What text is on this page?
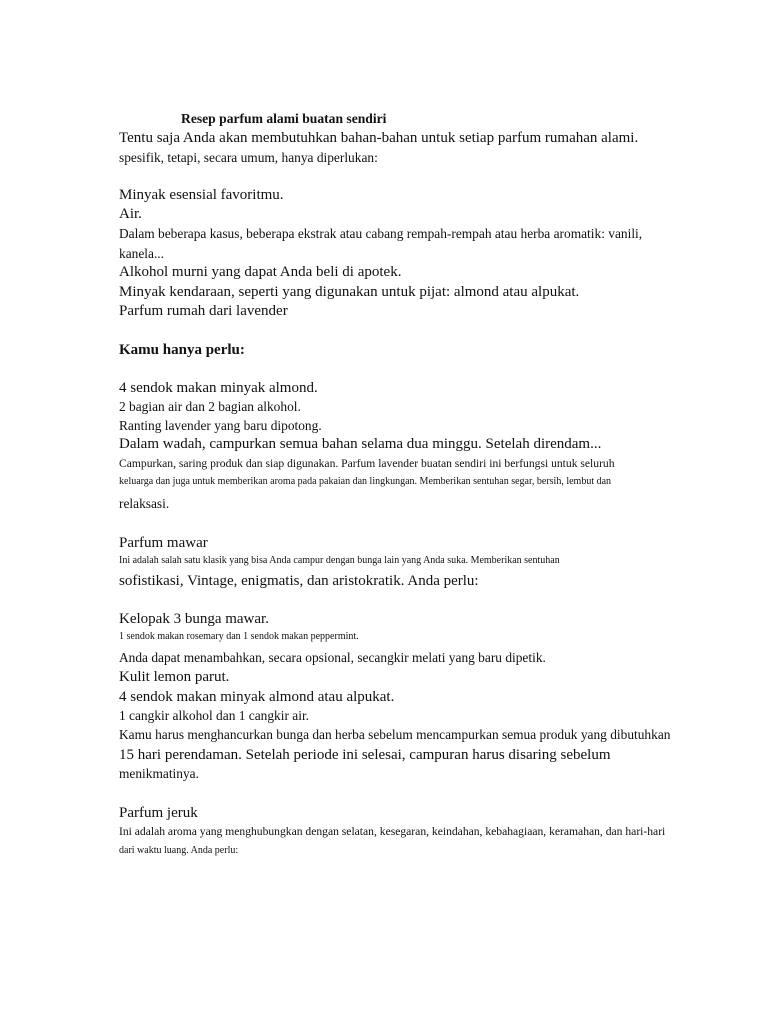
Resep parfum alami buatan sendiri
Tentu saja Anda akan membutuhkan bahan-bahan untuk setiap parfum rumahan alami.
spesifik, tetapi, secara umum, hanya diperlukan:
Minyak esensial favoritmu.
Air.
Dalam beberapa kasus, beberapa ekstrak atau cabang rempah-rempah atau herba aromatik: vanili,
kanela...
Alkohol murni yang dapat Anda beli di apotek.
Minyak kendaraan, seperti yang digunakan untuk pijat: almond atau alpukat.
Parfum rumah dari lavender
Kamu hanya perlu:
4 sendok makan minyak almond.
2 bagian air dan 2 bagian alkohol.
Ranting lavender yang baru dipotong.
Dalam wadah, campurkan semua bahan selama dua minggu. Setelah direndam...
Campurkan, saring produk dan siap digunakan. Parfum lavender buatan sendiri ini berfungsi untuk seluruh
keluarga dan juga untuk memberikan aroma pada pakaian dan lingkungan. Memberikan sentuhan segar, bersih, lembut dan
relaksasi.
Parfum mawar
Ini adalah salah satu klasik yang bisa Anda campur dengan bunga lain yang Anda suka. Memberikan sentuhan
sofistikasi, Vintage, enigmatis, dan aristokratik. Anda perlu:
Kelopak 3 bunga mawar.
1 sendok makan rosemary dan 1 sendok makan peppermint.
Anda dapat menambahkan, secara opsional, secangkir melati yang baru dipetik.
Kulit lemon parut.
4 sendok makan minyak almond atau alpukat.
1 cangkir alkohol dan 1 cangkir air.
Kamu harus menghancurkan bunga dan herba sebelum mencampurkan semua produk yang dibutuhkan
15 hari perendaman. Setelah periode ini selesai, campuran harus disaring sebelum
menikmatinya.
Parfum jeruk
Ini adalah aroma yang menghubungkan dengan selatan, kesegaran, keindahan, kebahagiaan, keramahan, dan hari-hari
dari waktu luang. Anda perlu:
